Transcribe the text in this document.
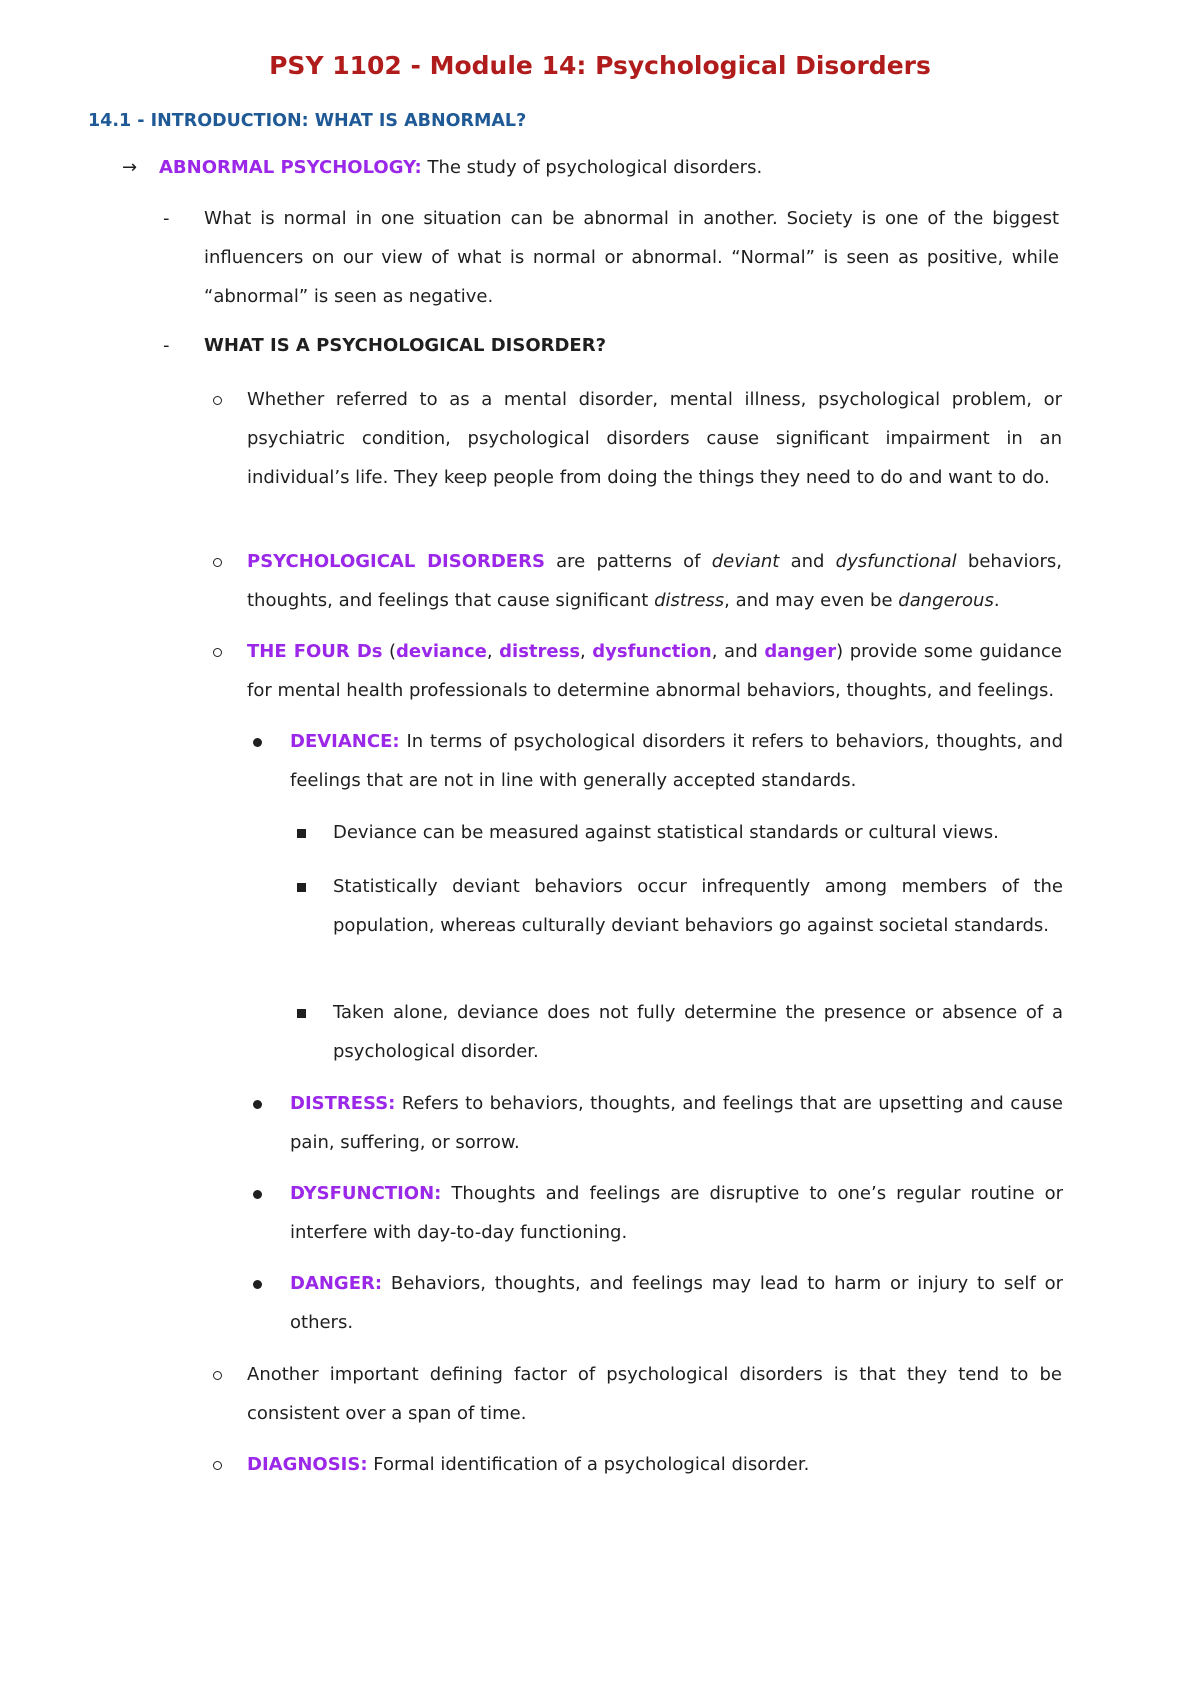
PSY 1102 - Module 14: Psychological Disorders
14.1 - INTRODUCTION: WHAT IS ABNORMAL?
→ ABNORMAL PSYCHOLOGY: The study of psychological disorders.

- What is normal in one situation can be abnormal in another. Society is one of the biggest influencers on our view of what is normal or abnormal. “Normal” is seen as positive, while “abnormal” is seen as negative.

- WHAT IS A PSYCHOLOGICAL DISORDER?

Whether referred to as a mental disorder, mental illness, psychological problem, or psychiatric condition, psychological disorders cause significant impairment in an individual’s life. They keep people from doing the things they need to do and want to do.

PSYCHOLOGICAL DISORDERS are patterns of deviant and dysfunctional behaviors, thoughts, and feelings that cause significant distress, and may even be dangerous.

THE FOUR Ds (deviance, distress, dysfunction, and danger) provide some guidance for mental health professionals to determine abnormal behaviors, thoughts, and feelings.

DEVIANCE: In terms of psychological disorders it refers to behaviors, thoughts, and feelings that are not in line with generally accepted standards.

Deviance can be measured against statistical standards or cultural views.

Statistically deviant behaviors occur infrequently among members of the population, whereas culturally deviant behaviors go against societal standards.

Taken alone, deviance does not fully determine the presence or absence of a psychological disorder.

DISTRESS: Refers to behaviors, thoughts, and feelings that are upsetting and cause pain, suffering, or sorrow.

DYSFUNCTION: Thoughts and feelings are disruptive to one’s regular routine or interfere with day-to-day functioning.

DANGER: Behaviors, thoughts, and feelings may lead to harm or injury to self or others.

Another important defining factor of psychological disorders is that they tend to be consistent over a span of time.

DIAGNOSIS: Formal identification of a psychological disorder.
